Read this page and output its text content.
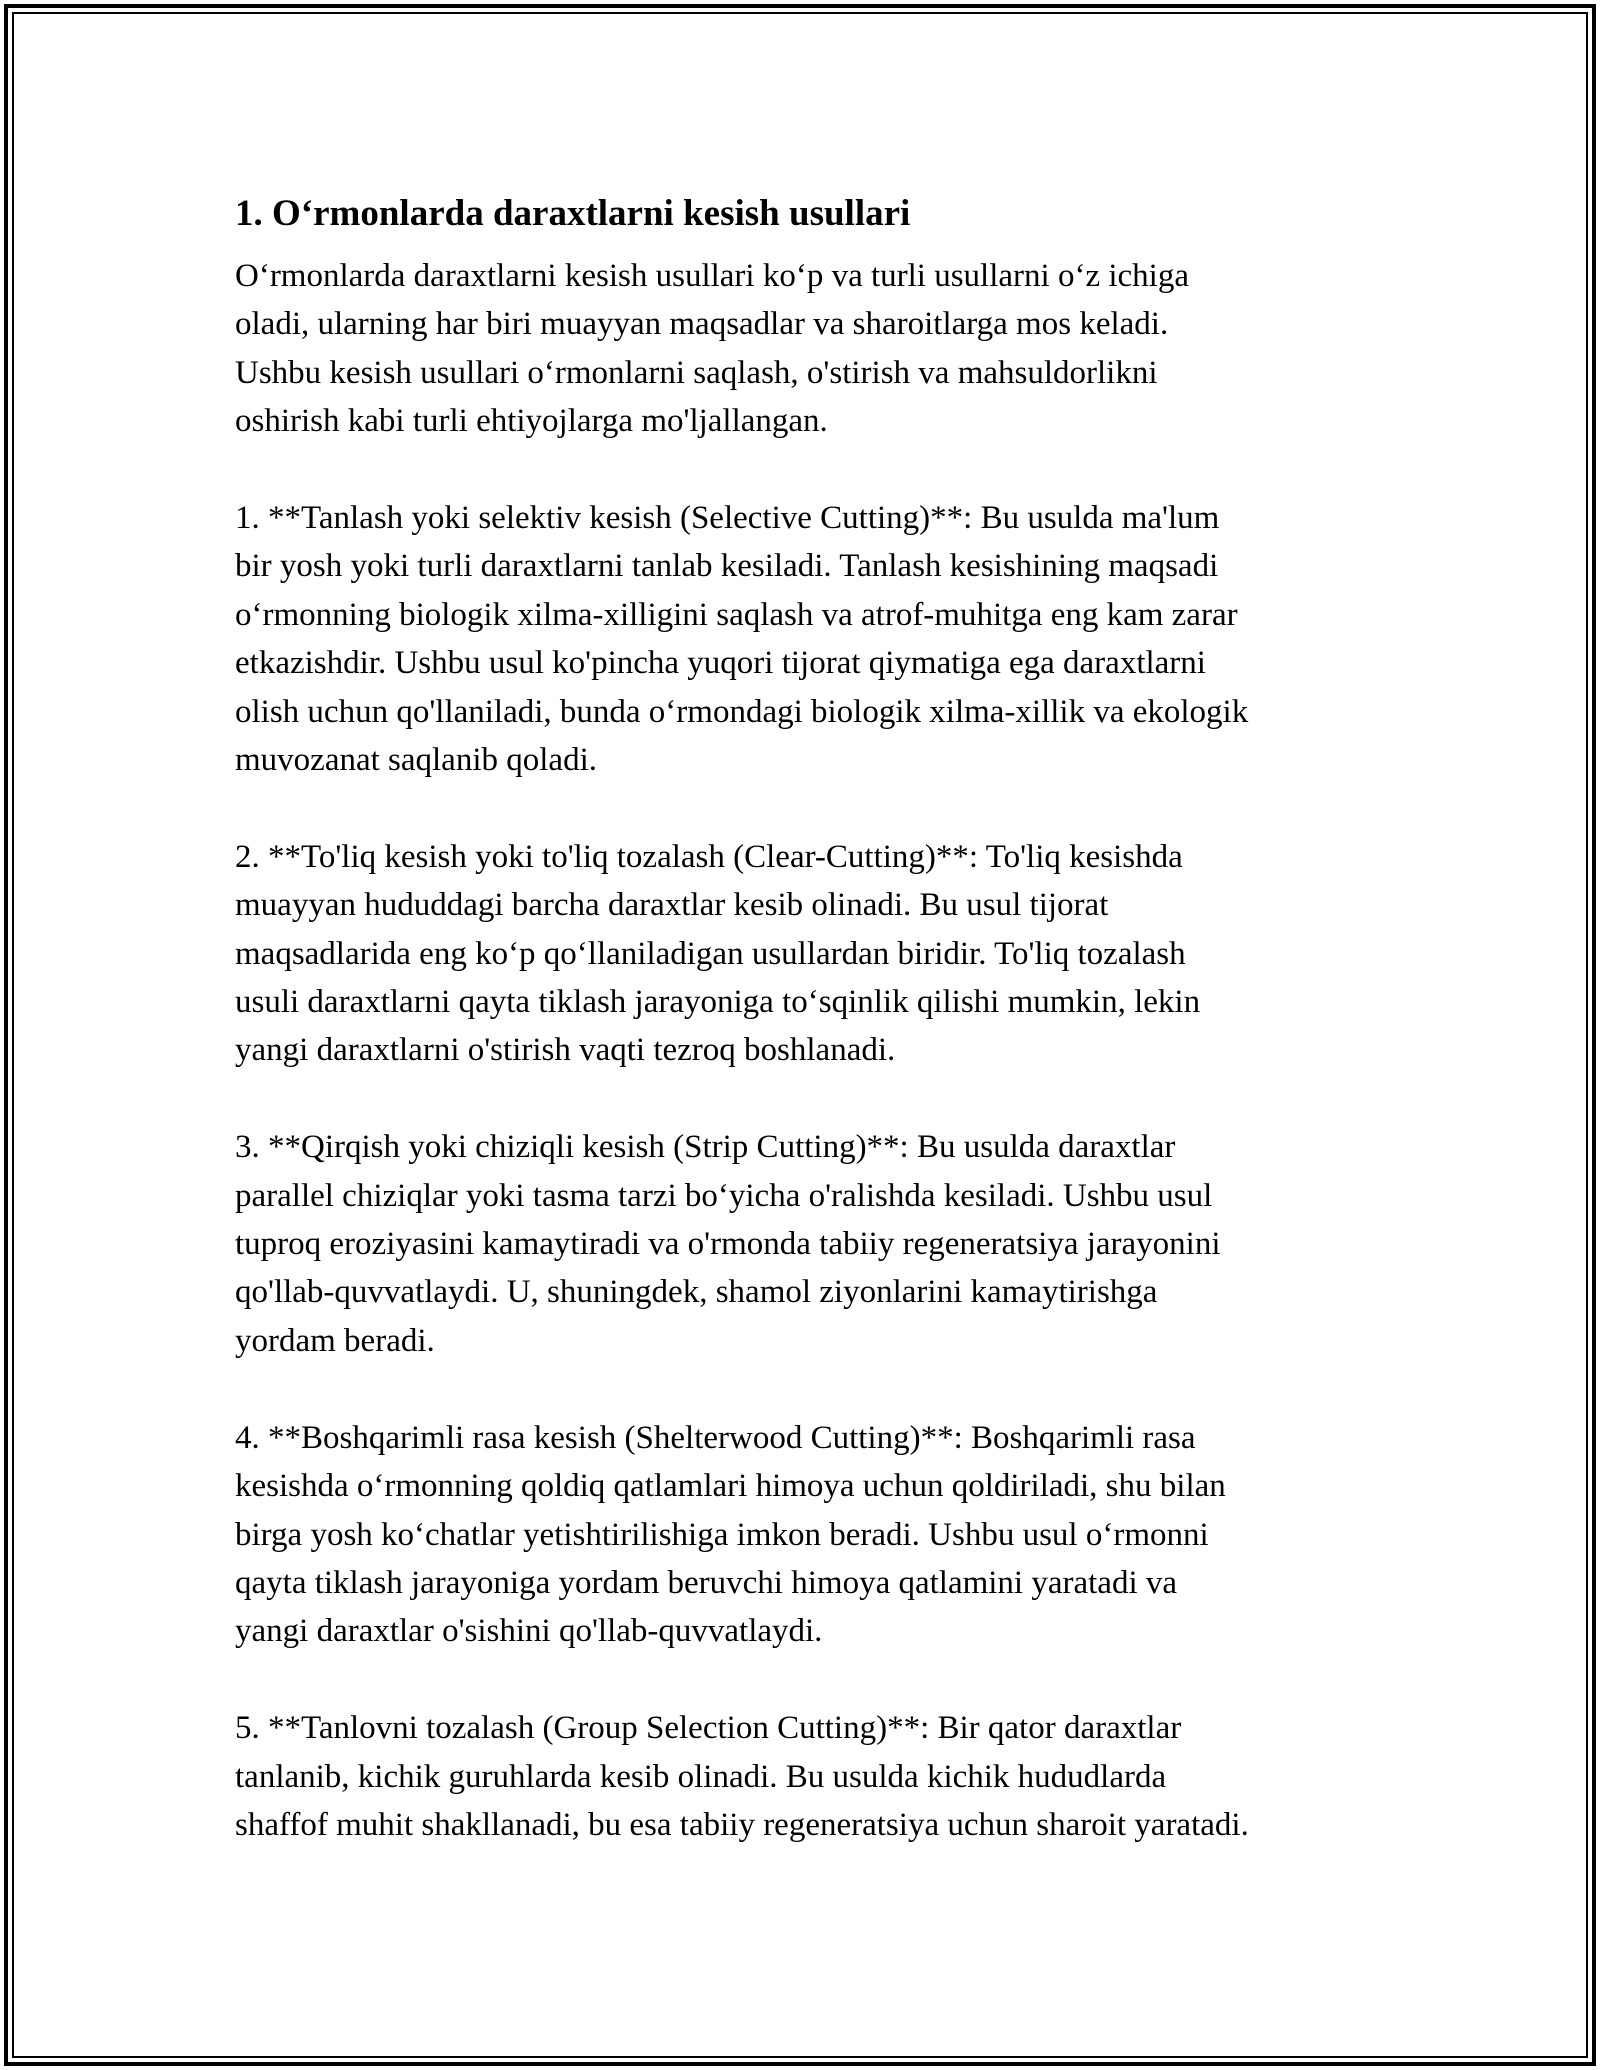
1. O‘rmonlarda daraxtlarni kesish usullari

O‘rmonlarda daraxtlarni kesish usullari ko‘p va turli usullarni o‘z ichiga
oladi, ularning har biri muayyan maqsadlar va sharoitlarga mos keladi.
Ushbu kesish usullari o‘rmonlarni saqlash, o'stirish va mahsuldorlikni
oshirish kabi turli ehtiyojlarga mo'ljallangan.

1. **Tanlash yoki selektiv kesish (Selective Cutting)**: Bu usulda ma'lum
bir yosh yoki turli daraxtlarni tanlab kesiladi. Tanlash kesishining maqsadi
o‘rmonning biologik xilma-xilligini saqlash va atrof-muhitga eng kam zarar
etkazishdir. Ushbu usul ko'pincha yuqori tijorat qiymatiga ega daraxtlarni
olish uchun qo'llaniladi, bunda o‘rmondagi biologik xilma-xillik va ekologik
muvozanat saqlanib qoladi.

2. **To'liq kesish yoki to'liq tozalash (Clear-Cutting)**: To'liq kesishda
muayyan hududdagi barcha daraxtlar kesib olinadi. Bu usul tijorat
maqsadlarida eng ko‘p qo‘llaniladigan usullardan biridir. To'liq tozalash
usuli daraxtlarni qayta tiklash jarayoniga to‘sqinlik qilishi mumkin, lekin
yangi daraxtlarni o'stirish vaqti tezroq boshlanadi.

3. **Qirqish yoki chiziqli kesish (Strip Cutting)**: Bu usulda daraxtlar
parallel chiziqlar yoki tasma tarzi bo‘yicha o'ralishda kesiladi. Ushbu usul
tuproq eroziyasini kamaytiradi va o'rmonda tabiiy regeneratsiya jarayonini
qo'llab-quvvatlaydi. U, shuningdek, shamol ziyonlarini kamaytirishga
yordam beradi.

4. **Boshqarimli rasa kesish (Shelterwood Cutting)**: Boshqarimli rasa
kesishda o‘rmonning qoldiq qatlamlari himoya uchun qoldiriladi, shu bilan
birga yosh ko‘chatlar yetishtirilishiga imkon beradi. Ushbu usul o‘rmonni
qayta tiklash jarayoniga yordam beruvchi himoya qatlamini yaratadi va
yangi daraxtlar o'sishini qo'llab-quvvatlaydi.

5. **Tanlovni tozalash (Group Selection Cutting)**: Bir qator daraxtlar
tanlanib, kichik guruhlarda kesib olinadi. Bu usulda kichik hududlarda
shaffof muhit shakllanadi, bu esa tabiiy regeneratsiya uchun sharoit yaratadi.
